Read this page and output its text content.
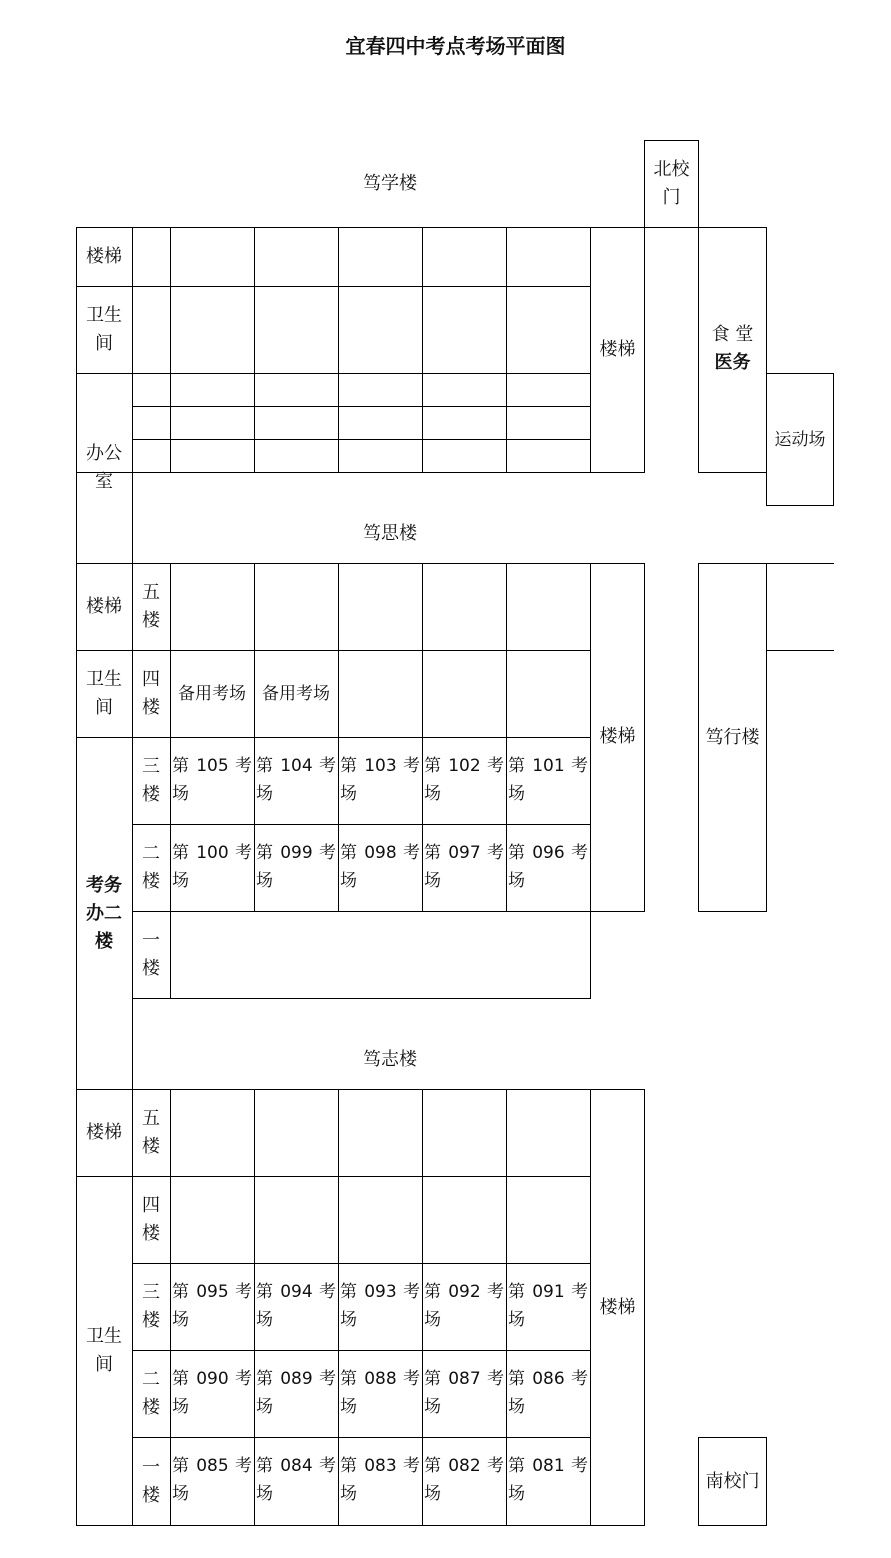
宜春四中考点考场平面图
笃学楼
北校门
楼梯
卫生间	楼梯
办公室
食 堂
医务
运动场
笃思楼
楼梯
卫生间
考务办二楼
楼梯
五楼
四楼
三楼
二楼
一楼
备用考场 备用考场
第 105 考场
第 104 考场
第 103 考场
第 102 考场
第 101 考场
第 100 考场
第 099 考场
第 098 考场
第 097 考场
第 096 考场
笃行楼
笃志楼
楼梯
卫生间
楼梯
五楼
四楼
三楼
二楼
一楼
第 095 考场
第 094 考场
第 093 考场
第 092 考场
第 091 考场
第 090 考场
第 089 考场
第 088 考场
第 087 考场
第 086 考场
第 085 考场
第 084 考场
第 083 考场
第 082 考场
第 081 考场
南校门
